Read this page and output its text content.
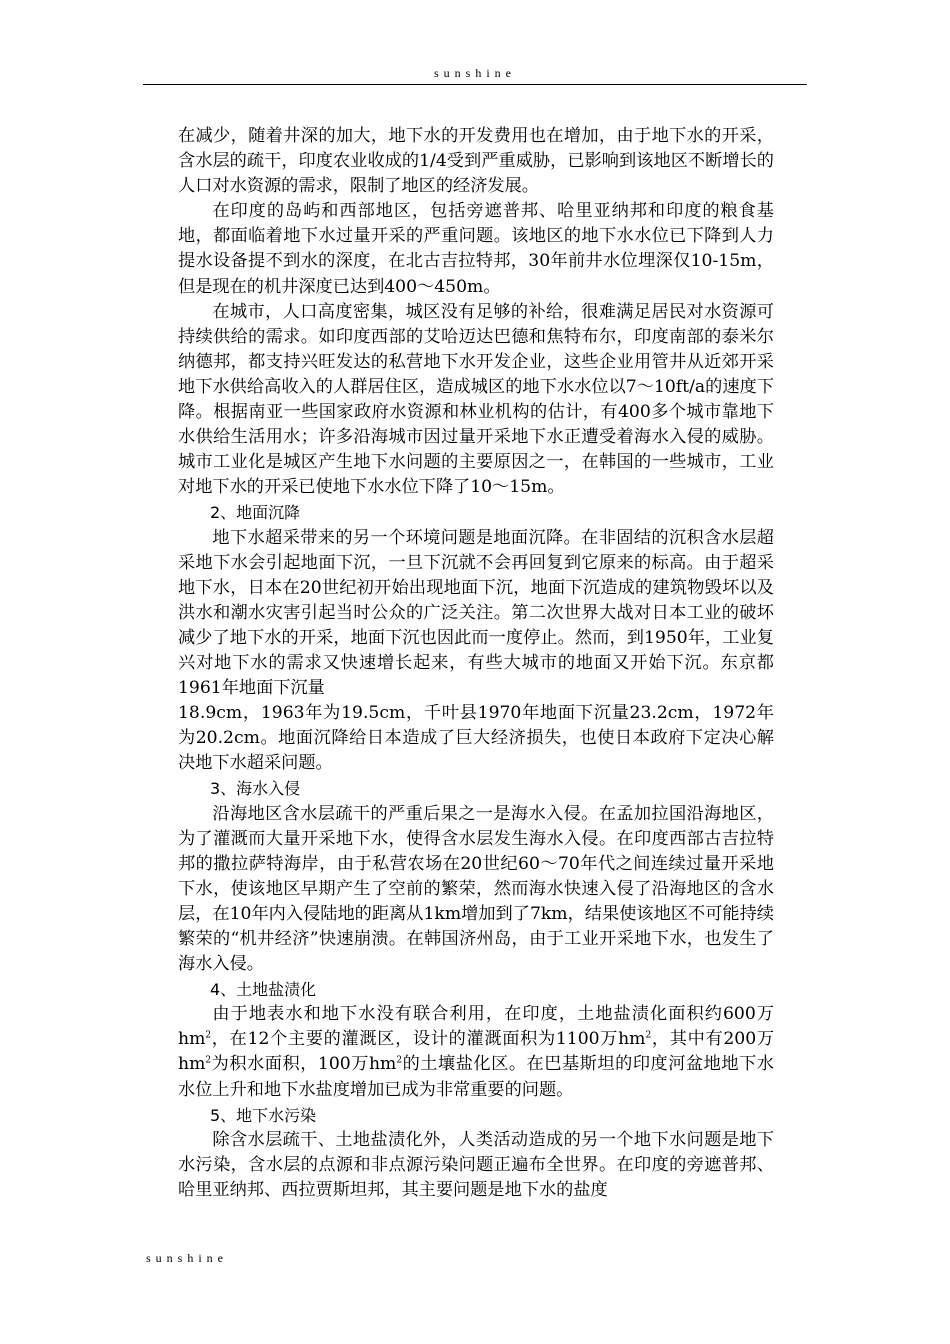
sunshine

在减少，随着井深的加大，地下水的开发费用也在增加，由于地下水的开采，含水层的疏干，印度农业收成的1/4受到严重威胁，已影响到该地区不断增长的人口对水资源的需求，限制了地区的经济发展。

在印度的岛屿和西部地区，包括旁遮普邦、哈里亚纳邦和印度的粮食基地，都面临着地下水过量开采的严重问题。该地区的地下水水位已下降到人力提水设备提不到水的深度，在北古吉拉特邦，30年前井水位埋深仅10-15m，但是现在的机井深度已达到400～450m。

在城市，人口高度密集，城区没有足够的补给，很难满足居民对水资源可持续供给的需求。如印度西部的艾哈迈达巴德和焦特布尔，印度南部的泰米尔纳德邦，都支持兴旺发达的私营地下水开发企业，这些企业用管井从近郊开采地下水供给高收入的人群居住区，造成城区的地下水水位以7～10ft/a的速度下降。根据南亚一些国家政府水资源和林业机构的估计，有400多个城市靠地下水供给生活用水；许多沿海城市因过量开采地下水正遭受着海水入侵的威胁。城市工业化是城区产生地下水问题的主要原因之一，在韩国的一些城市，工业对地下水的开采已使地下水水位下降了10～15m。

2、地面沉降

地下水超采带来的另一个环境问题是地面沉降。在非固结的沉积含水层超采地下水会引起地面下沉，一旦下沉就不会再回复到它原来的标高。由于超采地下水，日本在20世纪初开始出现地面下沉，地面下沉造成的建筑物毁坏以及洪水和潮水灾害引起当时公众的广泛关注。第二次世界大战对日本工业的破坏减少了地下水的开采，地面下沉也因此而一度停止。然而，到1950年，工业复兴对地下水的需求又快速增长起来，有些大城市的地面又开始下沉。东京都1961年地面下沉量

18.9cm，1963年为19.5cm，千叶县1970年地面下沉量23.2cm，1972年为20.2cm。地面沉降给日本造成了巨大经济损失，也使日本政府下定决心解决地下水超采问题。

3、海水入侵

沿海地区含水层疏干的严重后果之一是海水入侵。在孟加拉国沿海地区，为了灌溉而大量开采地下水，使得含水层发生海水入侵。在印度西部古吉拉特邦的撒拉萨特海岸，由于私营农场在20世纪60～70年代之间连续过量开采地下水，使该地区早期产生了空前的繁荣，然而海水快速入侵了沿海地区的含水层，在10年内入侵陆地的距离从1km增加到了7km，结果使该地区不可能持续繁荣的“机井经济”快速崩溃。在韩国济州岛，由于工业开采地下水，也发生了海水入侵。

4、土地盐渍化

由于地表水和地下水没有联合利用，在印度，土地盐渍化面积约600万$hm^2$，在12个主要的灌溉区，设计的灌溉面积为1100万$hm^2$，其中有200万$hm^2$为积水面积，100万$hm^2$的土壤盐化区。在巴基斯坦的印度河盆地地下水水位上升和地下水盐度增加已成为非常重要的问题。

5、地下水污染

除含水层疏干、土地盐渍化外，人类活动造成的另一个地下水问题是地下水污染，含水层的点源和非点源污染问题正遍布全世界。在印度的旁遮普邦、哈里亚纳邦、西拉贾斯坦邦，其主要问题是地下水的盐度

sunshine
